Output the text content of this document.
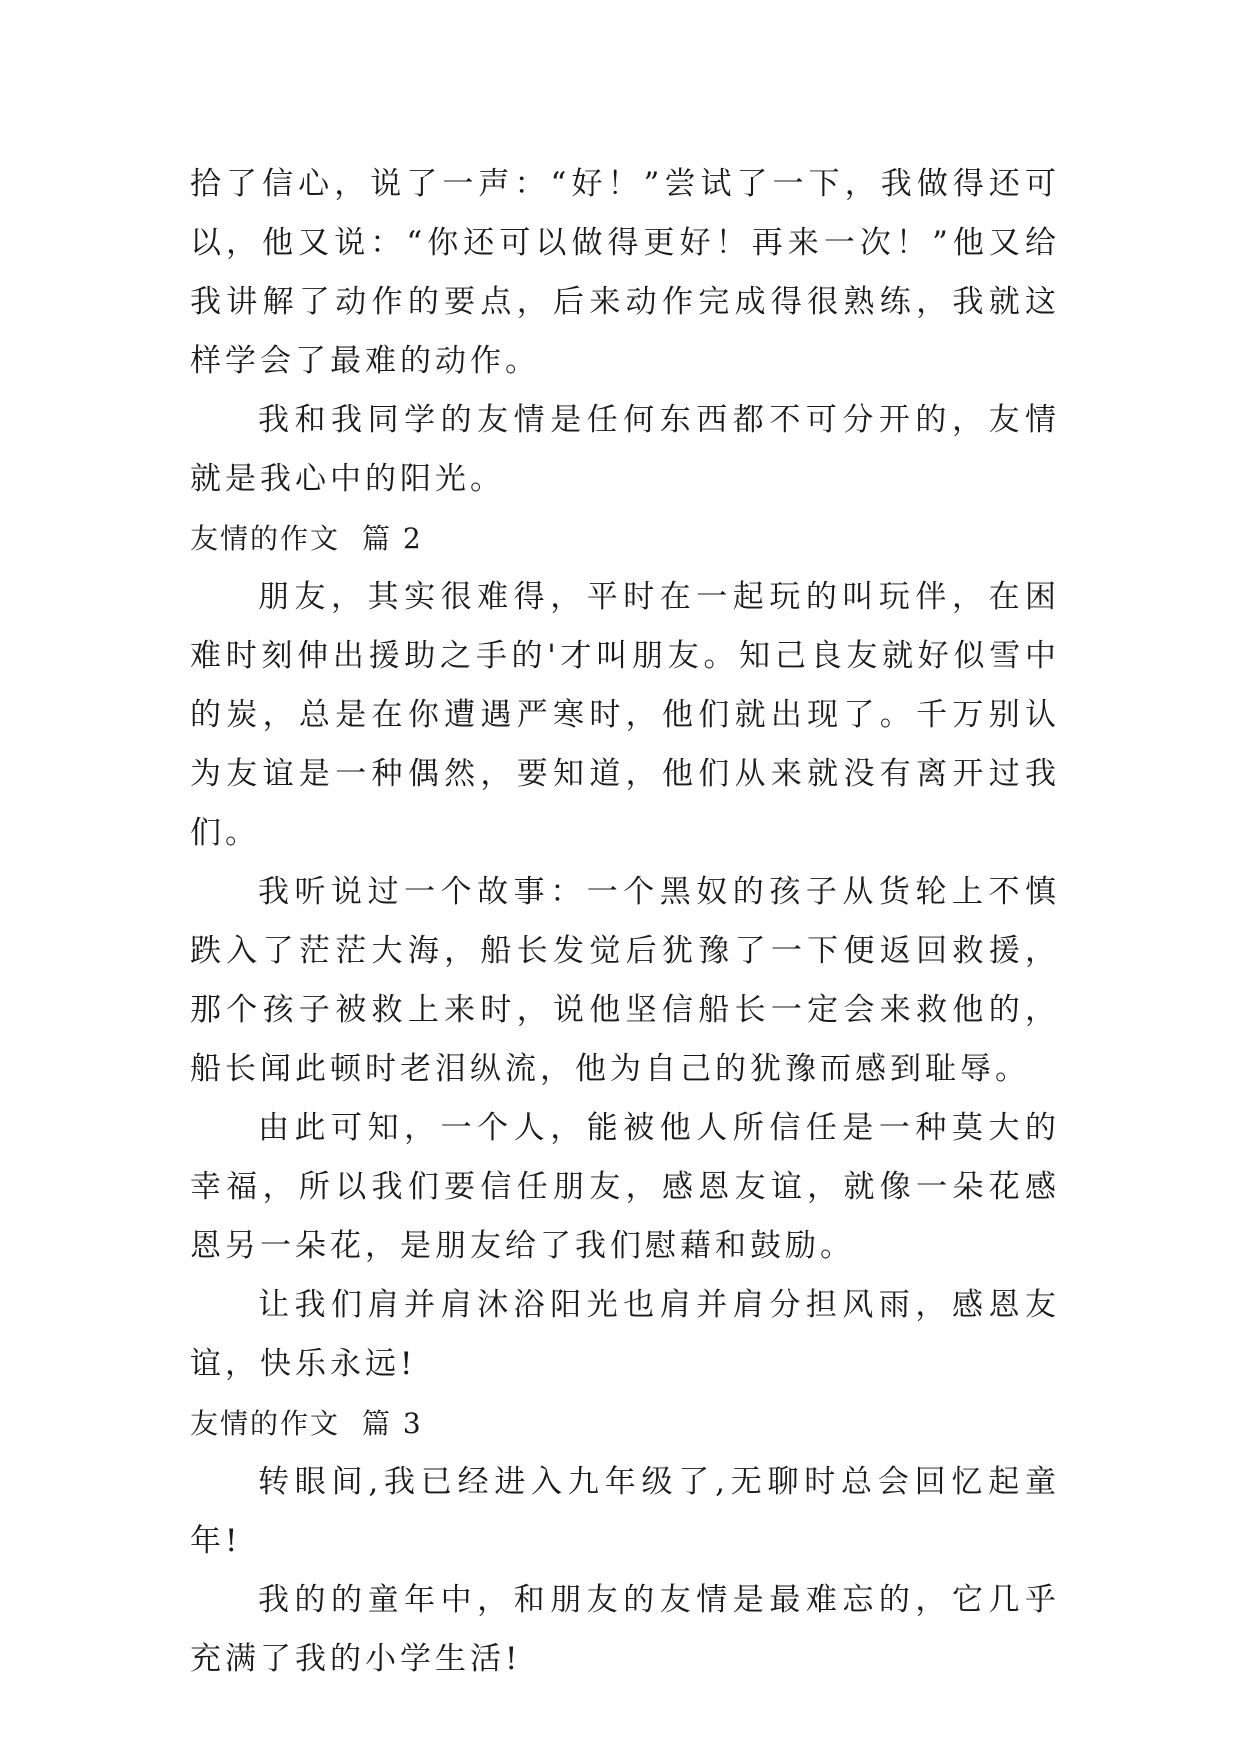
拾了信心，说了一声：“好！”尝试了一下，我做得还可以，他又说：“你还可以做得更好！再来一次！”他又给我讲解了动作的要点，后来动作完成得很熟练，我就这样学会了最难的动作。

我和我同学的友情是任何东西都不可分开的，友情就是我心中的阳光。

友情的作文 篇 2

朋友，其实很难得，平时在一起玩的叫玩伴，在困难时刻伸出援助之手的'才叫朋友。知己良友就好似雪中的炭，总是在你遭遇严寒时，他们就出现了。千万别认为友谊是一种偶然，要知道，他们从来就没有离开过我们。

我听说过一个故事：一个黑奴的孩子从货轮上不慎跌入了茫茫大海，船长发觉后犹豫了一下便返回救援，那个孩子被救上来时，说他坚信船长一定会来救他的，船长闻此顿时老泪纵流，他为自己的犹豫而感到耻辱。

由此可知，一个人，能被他人所信任是一种莫大的幸福，所以我们要信任朋友，感恩友谊，就像一朵花感恩另一朵花，是朋友给了我们慰藉和鼓励。

让我们肩并肩沐浴阳光也肩并肩分担风雨，感恩友谊，快乐永远!

友情的作文 篇 3

转眼间,我已经进入九年级了,无聊时总会回忆起童年!

我的的童年中，和朋友的友情是最难忘的，它几乎充满了我的小学生活!
